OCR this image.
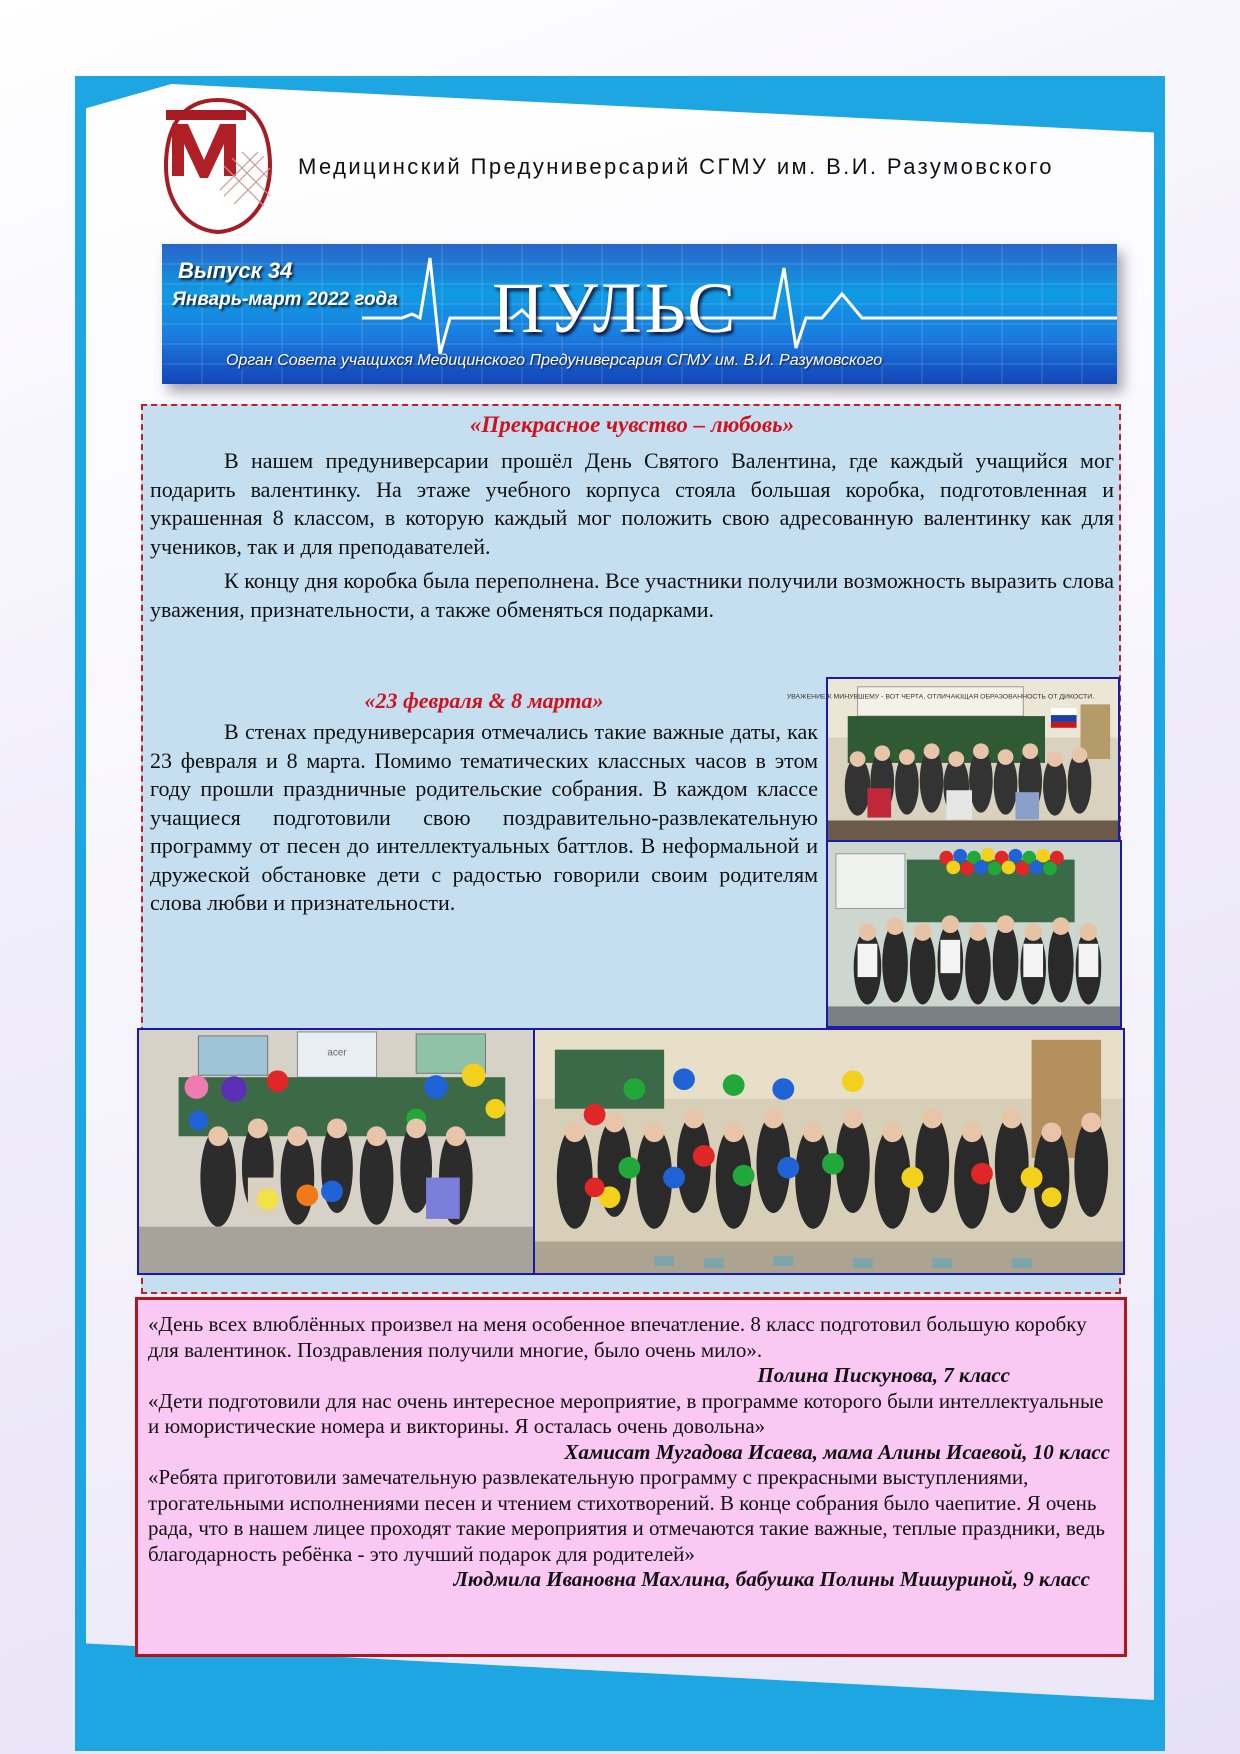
Медицинский Предуниверсарий СГМУ им. В.И. Разумовского
Выпуск 34
Январь-март 2022 года ПУЛЬС
Орган Совета учащихся Медицинского Предуниверсария СГМУ им. В.И. Разумовского
«Прекрасное чувство – любовь»

В нашем предуниверсарии прошёл День Святого Валентина, где каждый учащийся мог подарить валентинку. На этаже учебного корпуса стояла большая коробка, подготовленная и украшенная 8 классом, в которую каждый мог положить свою адресованную валентинку как для учеников, так и для преподавателей.

К концу дня коробка была переполнена. Все участники получили возможность выразить слова уважения, признательности, а также обменяться подарками.

«23 февраля & 8 марта»

В стенах предуниверсария отмечались такие важные даты, как 23 февраля и 8 марта. Помимо тематических классных часов в этом году прошли праздничные родительские собрания. В каждом классе учащиеся подготовили свою поздравительно-развлекательную программу от песен до интеллектуальных баттлов. В неформальной и дружеской обстановке дети с радостью говорили своим родителям слова любви и признательности.

УВАЖЕНИЕ К МИНУВШЕМУ - ВОТ ЧЕРТА, ОТЛИЧАЮЩАЯ ОБРАЗОВАННОСТЬ ОТ ДИКОСТИ.
acer

«День всех влюблённых произвел на меня особенное впечатление. 8 класс подготовил большую коробку для валентинок. Поздравления получили многие, было очень мило».

Полина Пискунова, 7 класс

«Дети подготовили для нас очень интересное мероприятие, в программе которого были интеллектуальные и юмористические номера и викторины. Я осталась очень довольна»

Хамисат Мугадова Исаева, мама Алины Исаевой, 10 класс

«Ребята приготовили замечательную развлекательную программу с прекрасными выступлениями, трогательными исполнениями песен и чтением стихотворений. В конце собрания было чаепитие. Я очень рада, что в нашем лицее проходят такие мероприятия и отмечаются такие важные, теплые праздники, ведь благодарность ребёнка - это лучший подарок для родителей»

Людмила Ивановна Махлина, бабушка Полины Мишуриной, 9 класс
